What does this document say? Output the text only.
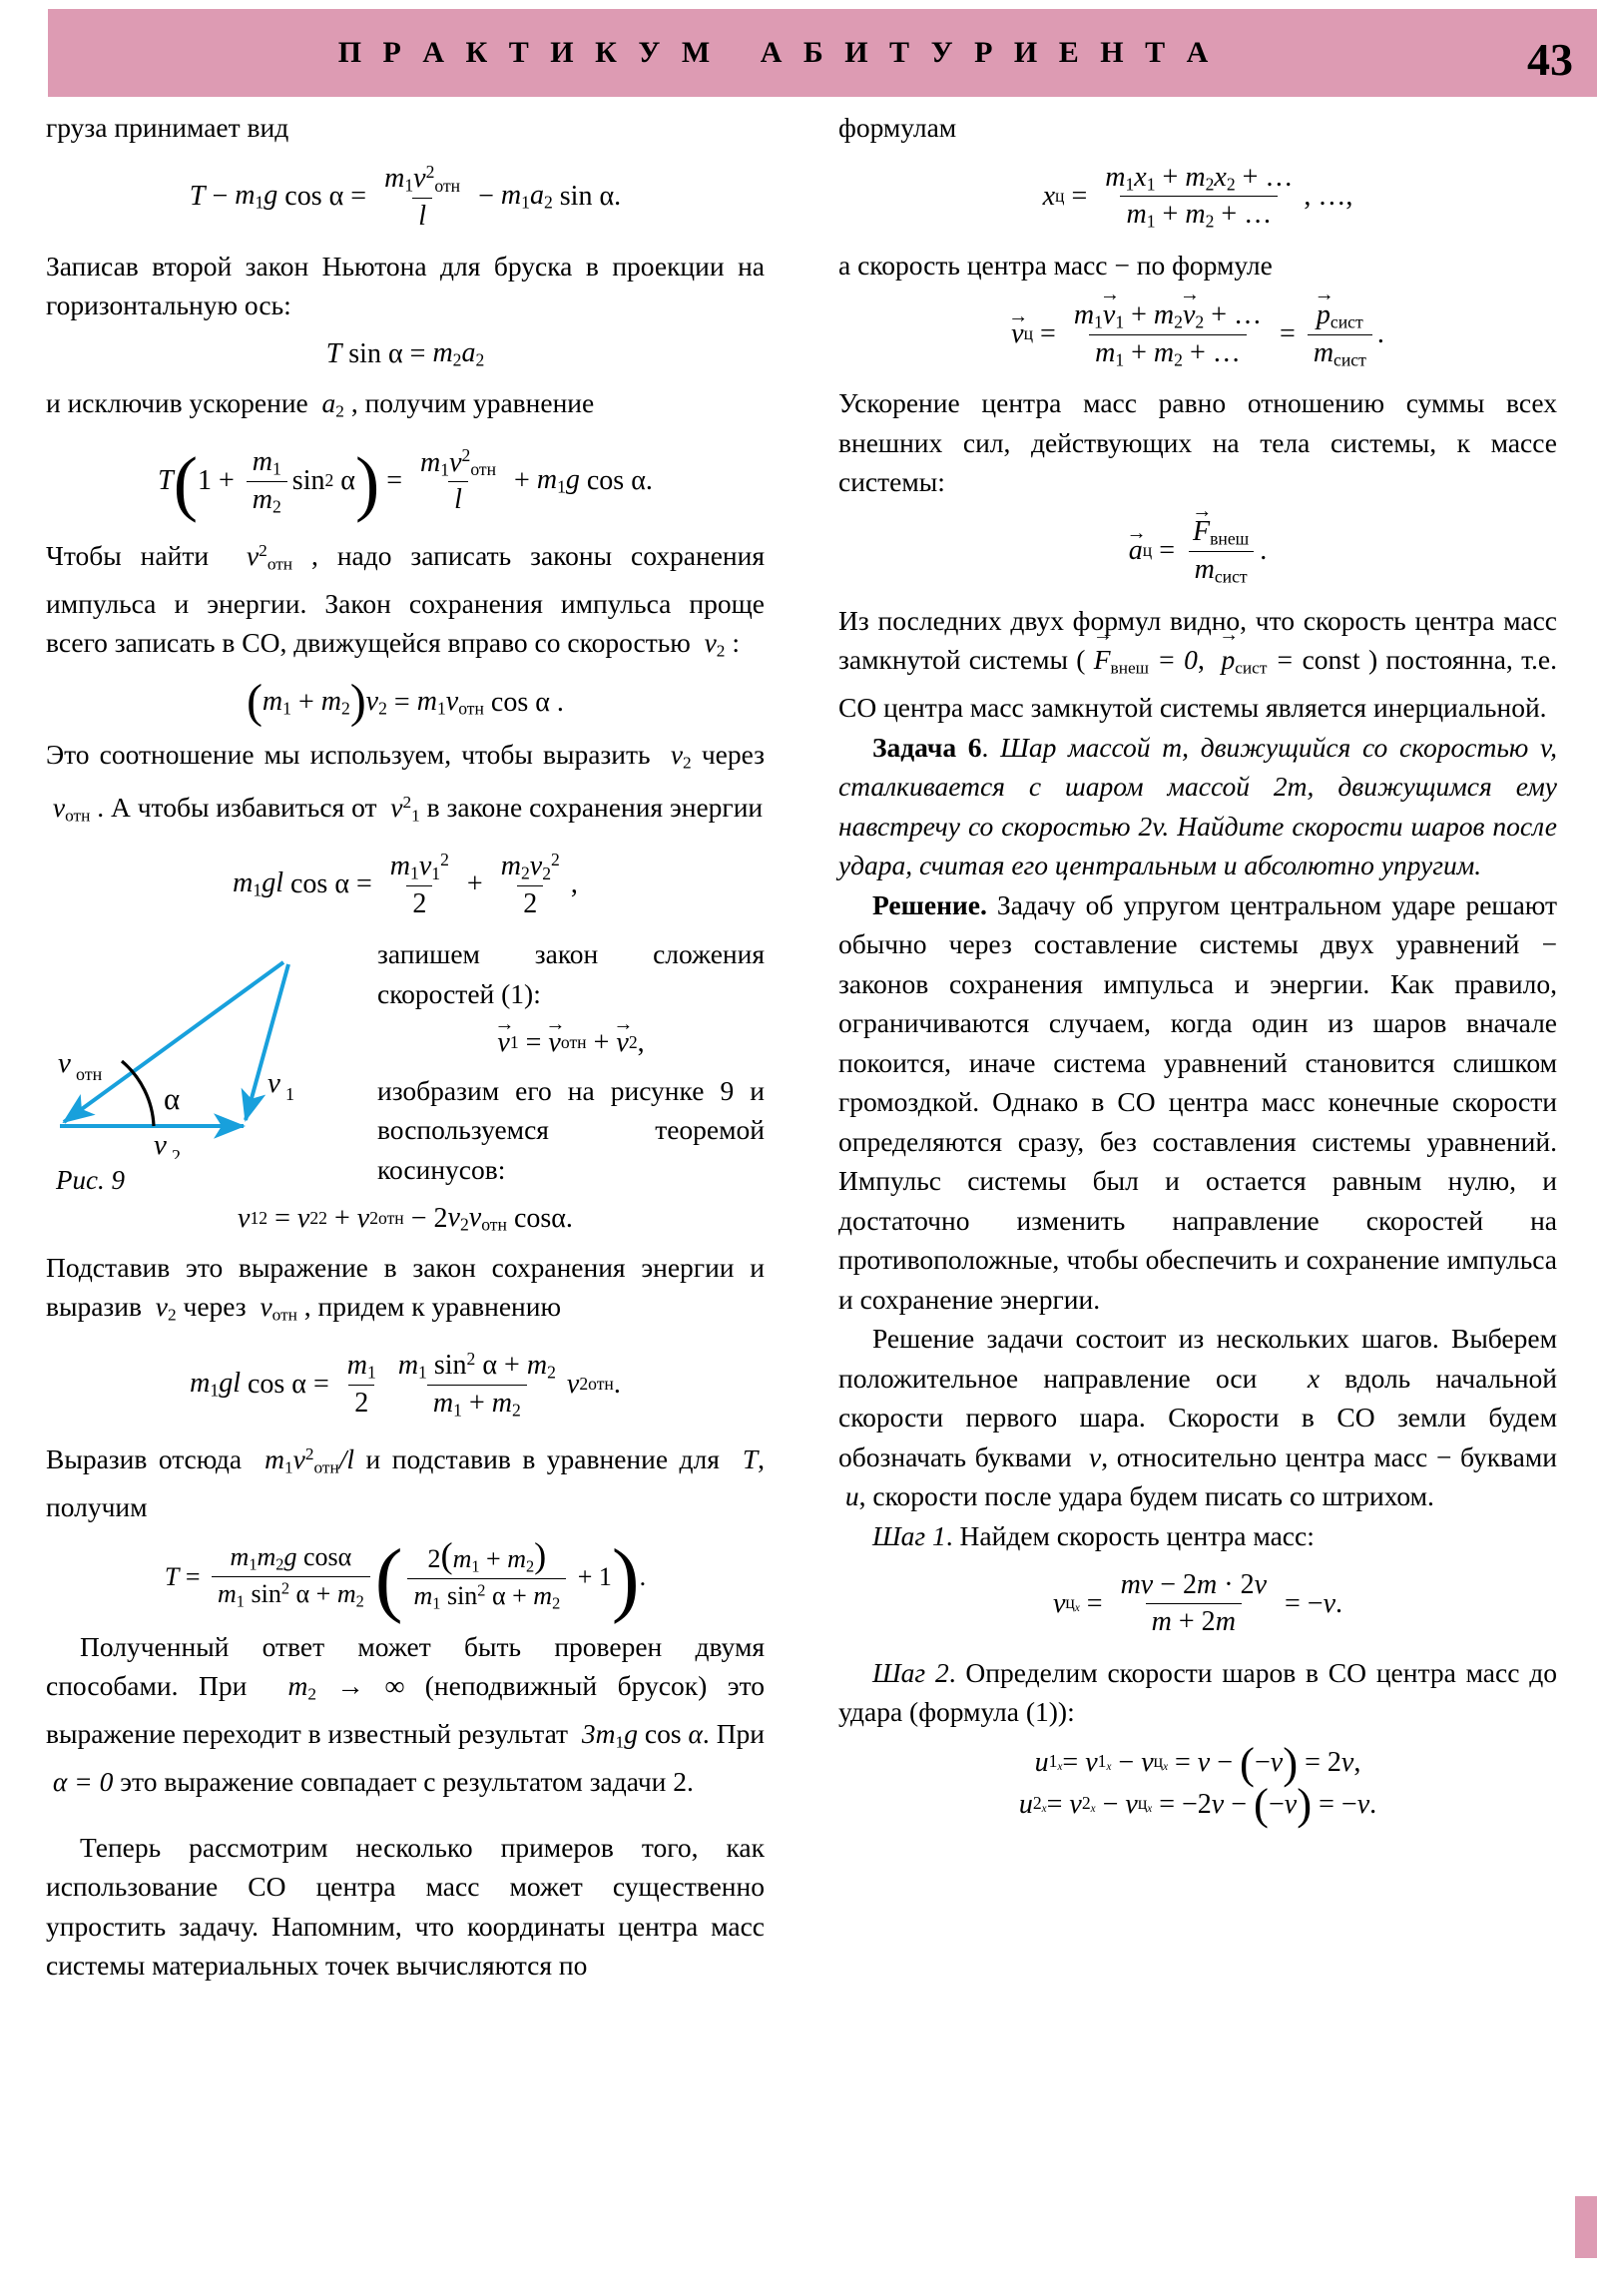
П Р А К Т И К У М   А Б И Т У Р И Е Н Т А	43

груза принимает вид

$T - m_1g$
$\cos \alpha = \frac{m_1v^2_{отн}}{l} - m_1a_2$
sin α.

Записав второй закон Ньютона для бруска в проекции на горизонтальную ось:

T
$\sin \alpha = m_2a_2$

и исключив ускорение $a_2$ , получим уравнение

T ( $1 + \frac{m_1}{m_2}$ sin 2 α ) = $\frac{m_1v^2_{отн}}{l} + m_1g$
cos α.

Чтобы найти $v^2_{отн}$ , надо записать законы сохранения импульса и энергии. Закон сохранения импульса проще всего записать в СО, движущейся вправо со скоростью $v_2$ :

( $m_1 + m_2$ ) $v_2 = m_1v_{отн}$
cos α .

Это соотношение мы используем, чтобы выразить $v_2$ через  $v_{отн}$ . А чтобы избавиться от $v^2_1$ в законе сохранения энергии

$m_1gl$
$\cos \alpha = \frac{m_1v_1^2}{2} + \frac{m_2v_2^2}{2}$ ,
v отн
α	v 1
v 2
Рис. 9

запишем закон сложения скоростей (1):

v → 1 = v → отн + v → 2 ,

изобразим его на рисунке 9 и воспользуемся теоремой косинусов:

v 1 2 = v 2 2 + v 2 отн − 2 $v_2v_{отн}$
cos α.

Подставив это выражение в закон сохранения энергии и выразив $v_2$ через $v_{отн}$ , придем к уравнению

$m_1gl$
$\cos \alpha = \frac{m_1}{2} \frac{m_1 \sin^2 \alpha + m_2}{m_1 + m_2}$ v 2 отн .

Выразив отсюда $m_1v^2_{отн}/l$ и подставив в уравнение для T, получим

$T = \frac{m_1m_2g \cos\alpha}{m_1 \sin^2 \alpha + m_2}$ ( $\frac{2(m_1 + m_2)}{m_1 \sin^2 \alpha + m_2} + 1$ ) .

Полученный ответ может быть проверен двумя способами. При $m_2$ → ∞ (неподвижный брусок) это выражение переходит в известный результат  $3m_1g$ cos α. При  α = 0 это выражение совпадает с результатом задачи 2.

Теперь рассмотрим несколько примеров того, как использование СО центра масс может существенно упростить задачу. Напомним, что координаты центра масс системы материальных точек вычисляются по

формулам

x $ц = \frac{m_1x_1 + m_2x_2 + \dots}{m_1 + m_2 + \dots}$ , …,

а скорость центра масс − по формуле

$v \to ц = \frac{m_1v \to_1 + m_2v \to_2 + \dots}{m_1 + m_2 + \dots} = \frac{p \to_{сист}}{m_{сист}}$ .

Ускорение центра масс равно отношению суммы всех внешних сил, действующих на тела системы, к массе системы:

$a \to ц = \frac{F \to_{внеш}}{m_{сист}}$ .

Из последних двух формул видно, что скорость центра масс замкнутой системы ( $F \to_{внеш} = 0$, $p \to_{сист}$ = const ) постоянна, т.е. СО центра масс замкнутой системы является инерциальной.

Задача 6. Шар массой m, движущийся со скоростью v, сталкивается с шаром массой 2m, движущимся ему навстречу со скоростью 2v. Найдите скорости шаров после удара, считая его центральным и абсолютно упругим.

Решение. Задачу об упругом центральном ударе решают обычно через составление системы двух уравнений − законов сохранения импульса и энергии. Как правило, ограничиваются случаем, когда один из шаров вначале покоится, иначе система уравнений становится слишком громоздкой. Однако в СО центра масс конечные скорости определяются сразу, без составления системы уравнений. Импульс системы был и остается равным нулю, и достаточно изменить направление скоростей на противоположные, чтобы обеспечить и сохранение импульса и сохранение энергии.

Решение задачи состоит из нескольких шагов. Выберем положительное направление оси x вдоль начальной скорости первого шара. Скорости в СО земли будем обозначать буквами v, относительно центра масс − буквами  u, скорости после удара будем писать со штрихом.

Шаг 1. Найдем скорость центра масс:

v цx = $\frac{mv - 2m \cdot 2v}{m + 2m}$ = − v .

Шаг 2. Определим скорости шаров в СО центра масс до удара (формула (1)):

u 1x = v 1x − v цx = v − ( − v ) = 2 v ,
u 2x = v 2x − v цx = −2 v − ( − v ) = − v .
